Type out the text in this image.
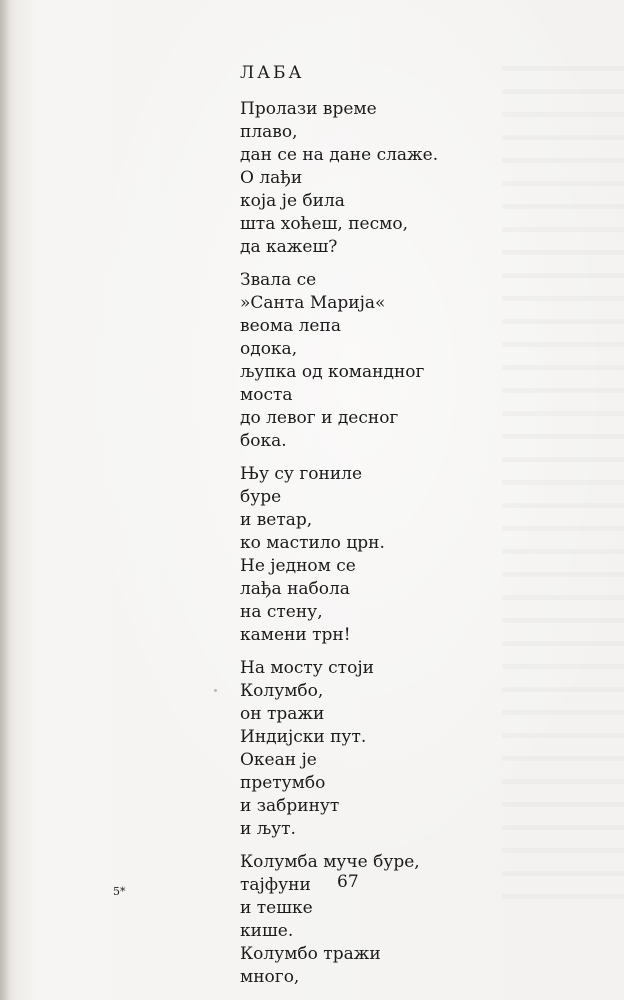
ЛАБА
Пролази време
плаво,
дан се на дане слаже.
О лађи
која је била
шта хоћеш, песмо,
да кажеш?
Звала се
»Санта Марија«
веома лепа
одока,
љупка од командног
моста
до левог и десног
бока.
Њу су гониле
буре
и ветар,
ко мастило црн.
Не једном се
лађа набола
на стену,
камени трн!
На мосту стоји
Колумбо,
он тражи
Индијски пут.
Океан је
претумбо
и забринут
и љут.
Колумба муче буре,
тајфуни
и тешке
кише.
Колумбо тражи
много,
5*	67
